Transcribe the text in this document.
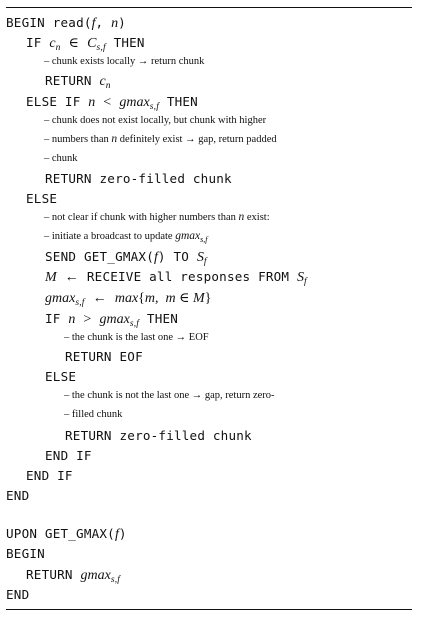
BEGIN read(f, n)
IF $c_n$ ∈ $C_{s,f}$ THEN
– chunk exists locally → return chunk
RETURN $c_n$
ELSE IF n < gmax$_{s,f}$ THEN
– chunk does not exist locally, but chunk with higher
– numbers than n definitely exist → gap, return padded
– chunk
RETURN zero-filled chunk
ELSE
– not clear if chunk with higher numbers than n exist:
– initiate a broadcast to update gmax$_{s,f}$
SEND GET_GMAX(f) TO $S_f$
M ← RECEIVE all responses FROM $S_f$
gmax$_{s,f}$ ← max{m,  m ∈ M}
IF n > gmax$_{s,f}$ THEN
– the chunk is the last one → EOF
RETURN EOF
ELSE
– the chunk is not the last one → gap, return zero-
– filled chunk
RETURN zero-filled chunk
END IF
END IF
END
UPON GET_GMAX(f)
BEGIN
RETURN gmax$_{s,f}$
END
